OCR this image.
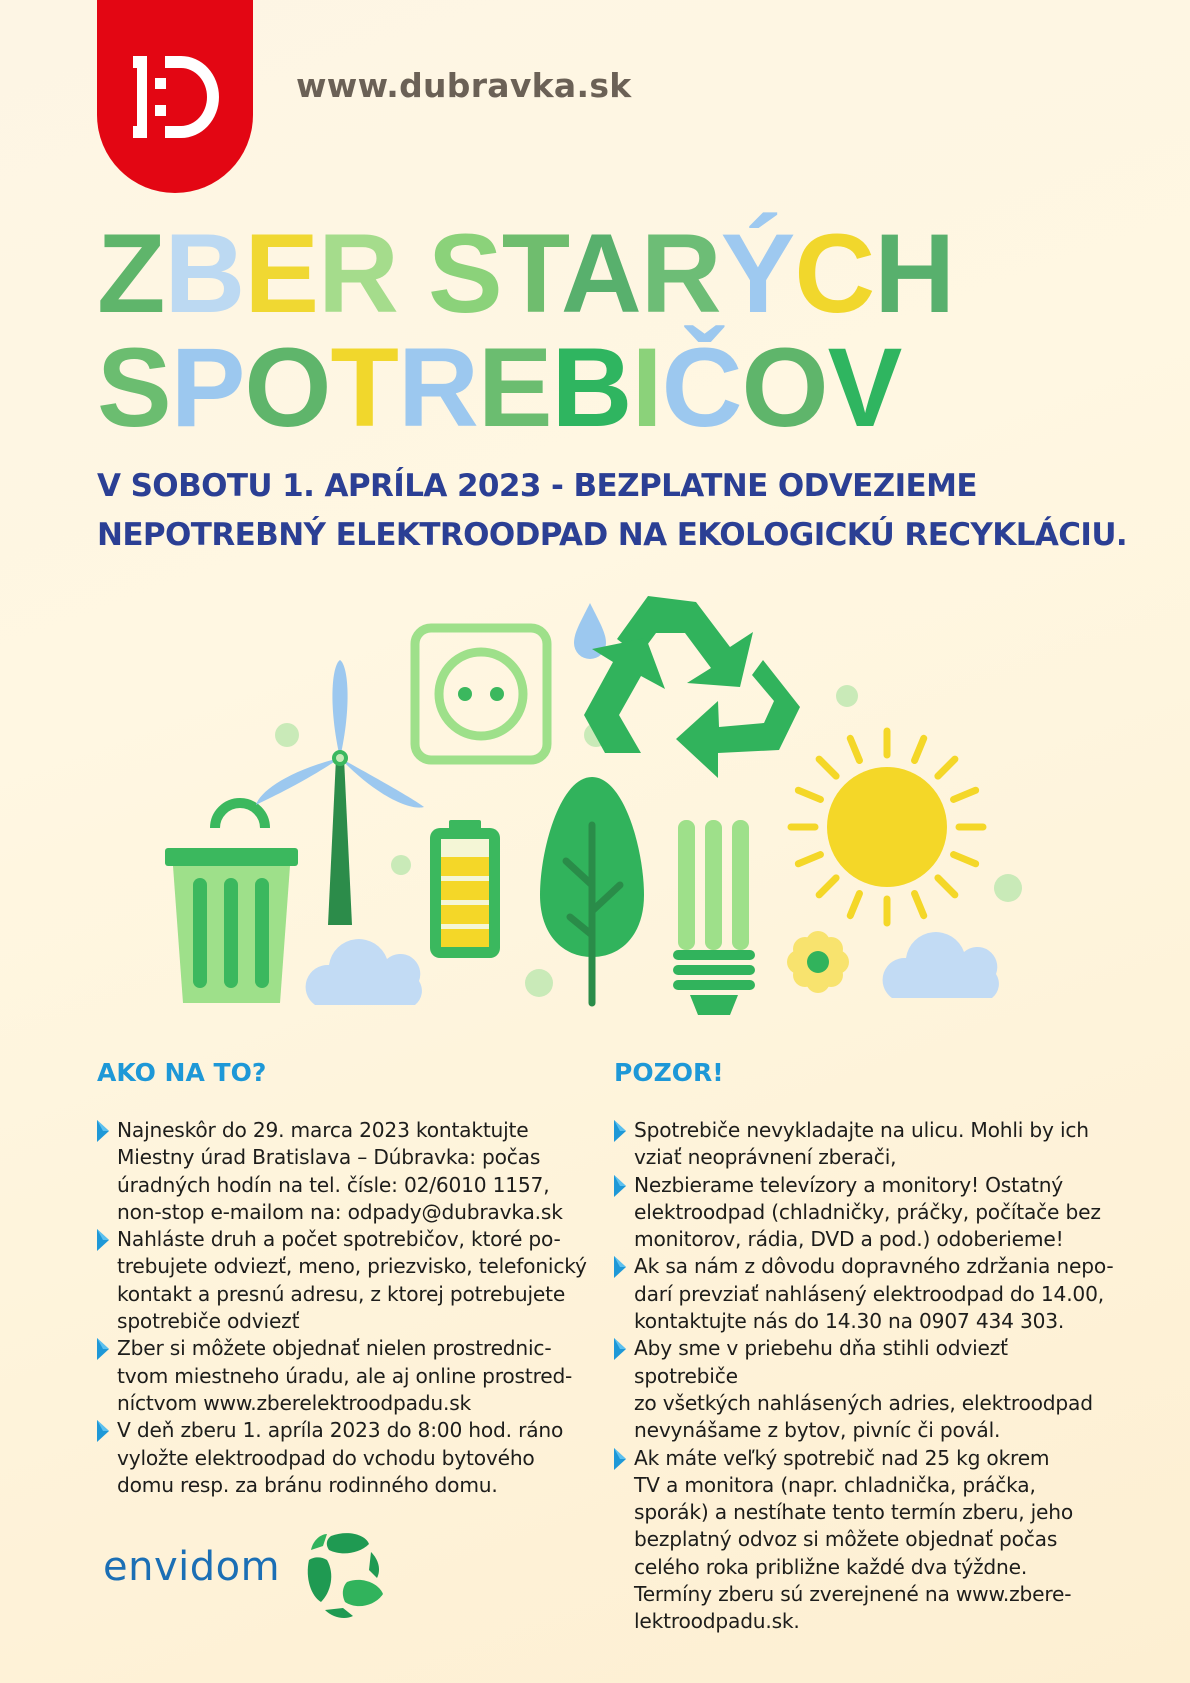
www.dubravka.sk
ZBER STARÝCH
SPOTREBIČOV
V SOBOTU 1. APRÍLA 2023 - BEZPLATNE ODVEZIEME
NEPOTREBNÝ ELEKTROODPAD NA EKOLOGICKÚ RECYKLÁCIU.
AKO NA TO?
Najneskôr do 29. marca 2023 kontaktujte
Miestny úrad Bratislava – Dúbravka: počas
úradných hodín na tel. čísle: 02/6010 1157,
non-stop e-mailom na: odpady@dubravka.sk
Nahláste druh a počet spotrebičov, ktoré po-
trebujete odviezť, meno, priezvisko, telefonický
kontakt a presnú adresu, z ktorej potrebujete
spotrebiče odviezť
Zber si môžete objednať nielen prostrednic-
tvom miestneho úradu, ale aj online prostred-
níctvom www.zberelektroodpadu.sk
V deň zberu 1. apríla 2023 do 8:00 hod. ráno
vyložte elektroodpad do vchodu bytového
domu resp. za bránu rodinného domu.
POZOR!
Spotrebiče nevykladajte na ulicu. Mohli by ich
vziať neoprávnení zberači,
Nezbierame televízory a monitory! Ostatný
elektroodpad (chladničky, práčky, počítače bez
monitorov, rádia, DVD a pod.) odoberieme!
Ak sa nám z dôvodu dopravného zdržania nepo-
darí prevziať nahlásený elektroodpad do 14.00,
kontaktujte nás do 14.30 na 0907 434 303.
Aby sme v priebehu dňa stihli odviezť spotrebiče
zo všetkých nahlásených adries, elektroodpad
nevynášame z bytov, pivníc či povál.
Ak máte veľký spotrebič nad 25 kg okrem
TV a monitora (napr. chladnička, práčka,
sporák) a nestíhate tento termín zberu, jeho
bezplatný odvoz si môžete objednať počas
celého roka približne každé dva týždne.
Termíny zberu sú zverejnené na www.zbere-
lektroodpadu.sk.
envidom
